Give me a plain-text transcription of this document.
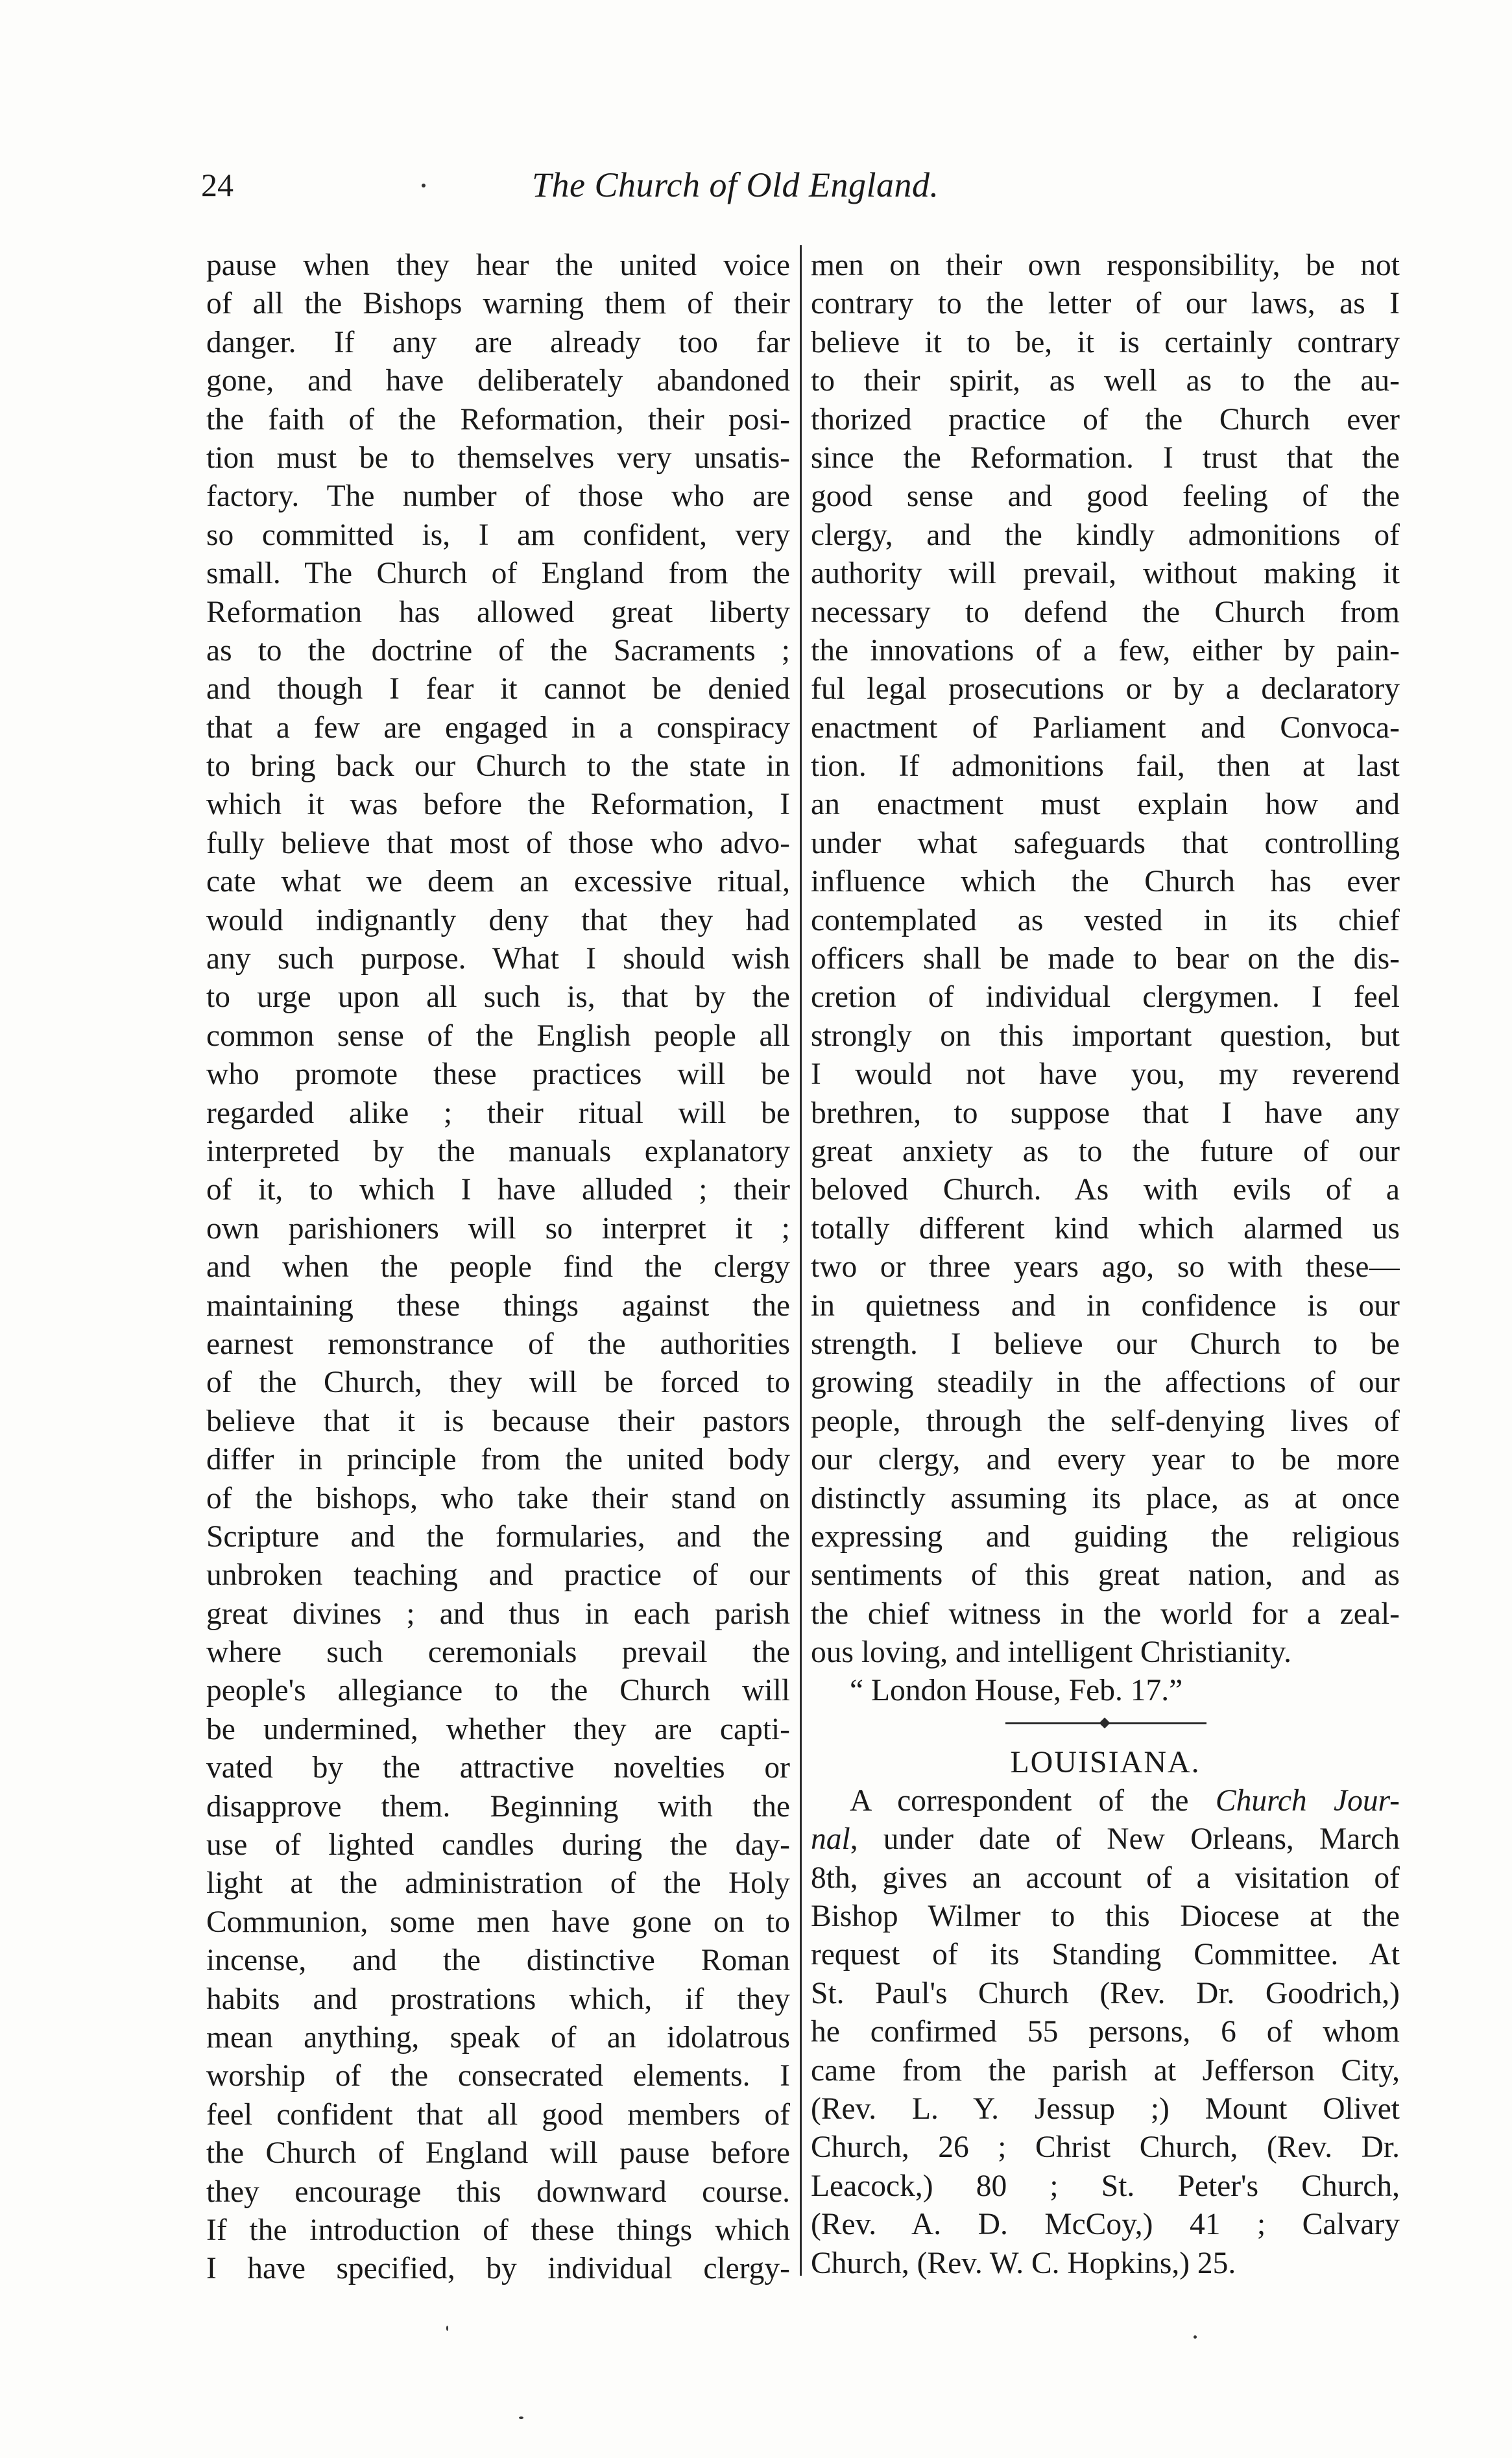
24	The Church of Old England.
pause when they hear the united voice
of all the Bishops warning them of their
danger. If any are already too far
gone, and have deliberately abandoned
the faith of the Reformation, their posi-
tion must be to themselves very unsatis-
factory. The number of those who are
so committed is, I am confident, very
small. The Church of England from the
Reformation has allowed great liberty
as to the doctrine of the Sacraments ;
and though I fear it cannot be denied
that a few are engaged in a conspiracy
to bring back our Church to the state in
which it was before the Reformation, I
fully believe that most of those who advo-
cate what we deem an excessive ritual,
would indignantly deny that they had
any such purpose. What I should wish
to urge upon all such is, that by the
common sense of the English people all
who promote these practices will be
regarded alike ; their ritual will be
interpreted by the manuals explanatory
of it, to which I have alluded ; their
own parishioners will so interpret it ;
and when the people find the clergy
maintaining these things against the
earnest remonstrance of the authorities
of the Church, they will be forced to
believe that it is because their pastors
differ in principle from the united body
of the bishops, who take their stand on
Scripture and the formularies, and the
unbroken teaching and practice of our
great divines ; and thus in each parish
where such ceremonials prevail the
people's allegiance to the Church will
be undermined, whether they are capti-
vated by the attractive novelties or
disapprove them. Beginning with the
use of lighted candles during the day-
light at the administration of the Holy
Communion, some men have gone on to
incense, and the distinctive Roman
habits and prostrations which, if they
mean anything, speak of an idolatrous
worship of the consecrated elements. I
feel confident that all good members of
the Church of England will pause before
they encourage this downward course.
If the introduction of these things which
I have specified, by individual clergy-
men on their own responsibility, be not
contrary to the letter of our laws, as I
believe it to be, it is certainly contrary
to their spirit, as well as to the au-
thorized practice of the Church ever
since the Reformation. I trust that the
good sense and good feeling of the
clergy, and the kindly admonitions of
authority will prevail, without making it
necessary to defend the Church from
the innovations of a few, either by pain-
ful legal prosecutions or by a declaratory
enactment of Parliament and Convoca-
tion. If admonitions fail, then at last
an enactment must explain how and
under what safeguards that controlling
influence which the Church has ever
contemplated as vested in its chief
officers shall be made to bear on the dis-
cretion of individual clergymen. I feel
strongly on this important question, but
I would not have you, my reverend
brethren, to suppose that I have any
great anxiety as to the future of our
beloved Church. As with evils of a
totally different kind which alarmed us
two or three years ago, so with these—
in quietness and in confidence is our
strength. I believe our Church to be
growing steadily in the affections of our
people, through the self-denying lives of
our clergy, and every year to be more
distinctly assuming its place, as at once
expressing and guiding the religious
sentiments of this great nation, and as
the chief witness in the world for a zeal-
ous loving, and intelligent Christianity.
“ London House, Feb. 17.”
LOUISIANA.
A correspondent of the Church Jour-
nal, under date of New Orleans, March
8th, gives an account of a visitation of
Bishop Wilmer to this Diocese at the
request of its Standing Committee. At
St. Paul's Church (Rev. Dr. Goodrich,)
he confirmed 55 persons, 6 of whom
came from the parish at Jefferson City,
(Rev. L. Y. Jessup ;) Mount Olivet
Church, 26 ; Christ Church, (Rev. Dr.
Leacock,) 80 ; St. Peter's Church,
(Rev. A. D. McCoy,) 41 ; Calvary
Church, (Rev. W. C. Hopkins,) 25.
